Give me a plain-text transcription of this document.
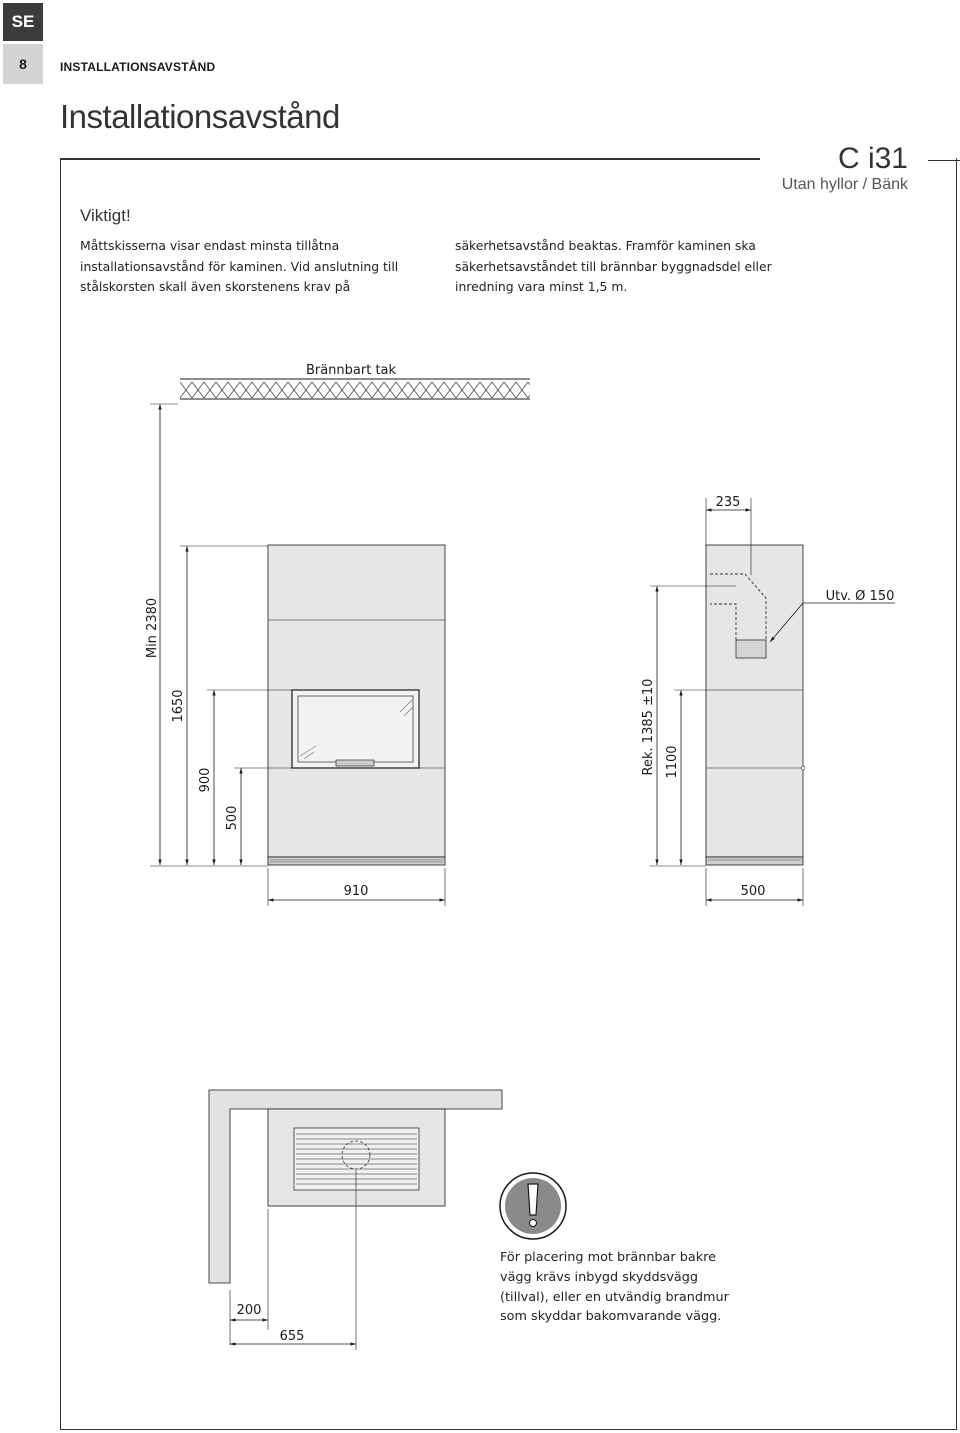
SE
8	INSTALLATIONSAVSTÅND
Installationsavstånd
C i31
Utan hyllor / Bänk
Viktigt!
Måttskisserna visar endast minsta tillåtna installationsavstånd för kaminen. Vid anslutning till stålskorsten skall även skorstenens krav på
säkerhetsavstånd beaktas. Framför kaminen ska säkerhetsavståndet till brännbar byggnadsdel eller inredning vara minst 1,5 m.
Brännbart tak
Min 2380
1650
900
500
910
235
Utv. Ø 150
Rek. 1385 ±10 1100
500
200
655
För placering mot brännbar bakre vägg krävs inbygd skyddsvägg (tillval), eller en utvändig brandmur som skyddar bakomvarande vägg.
